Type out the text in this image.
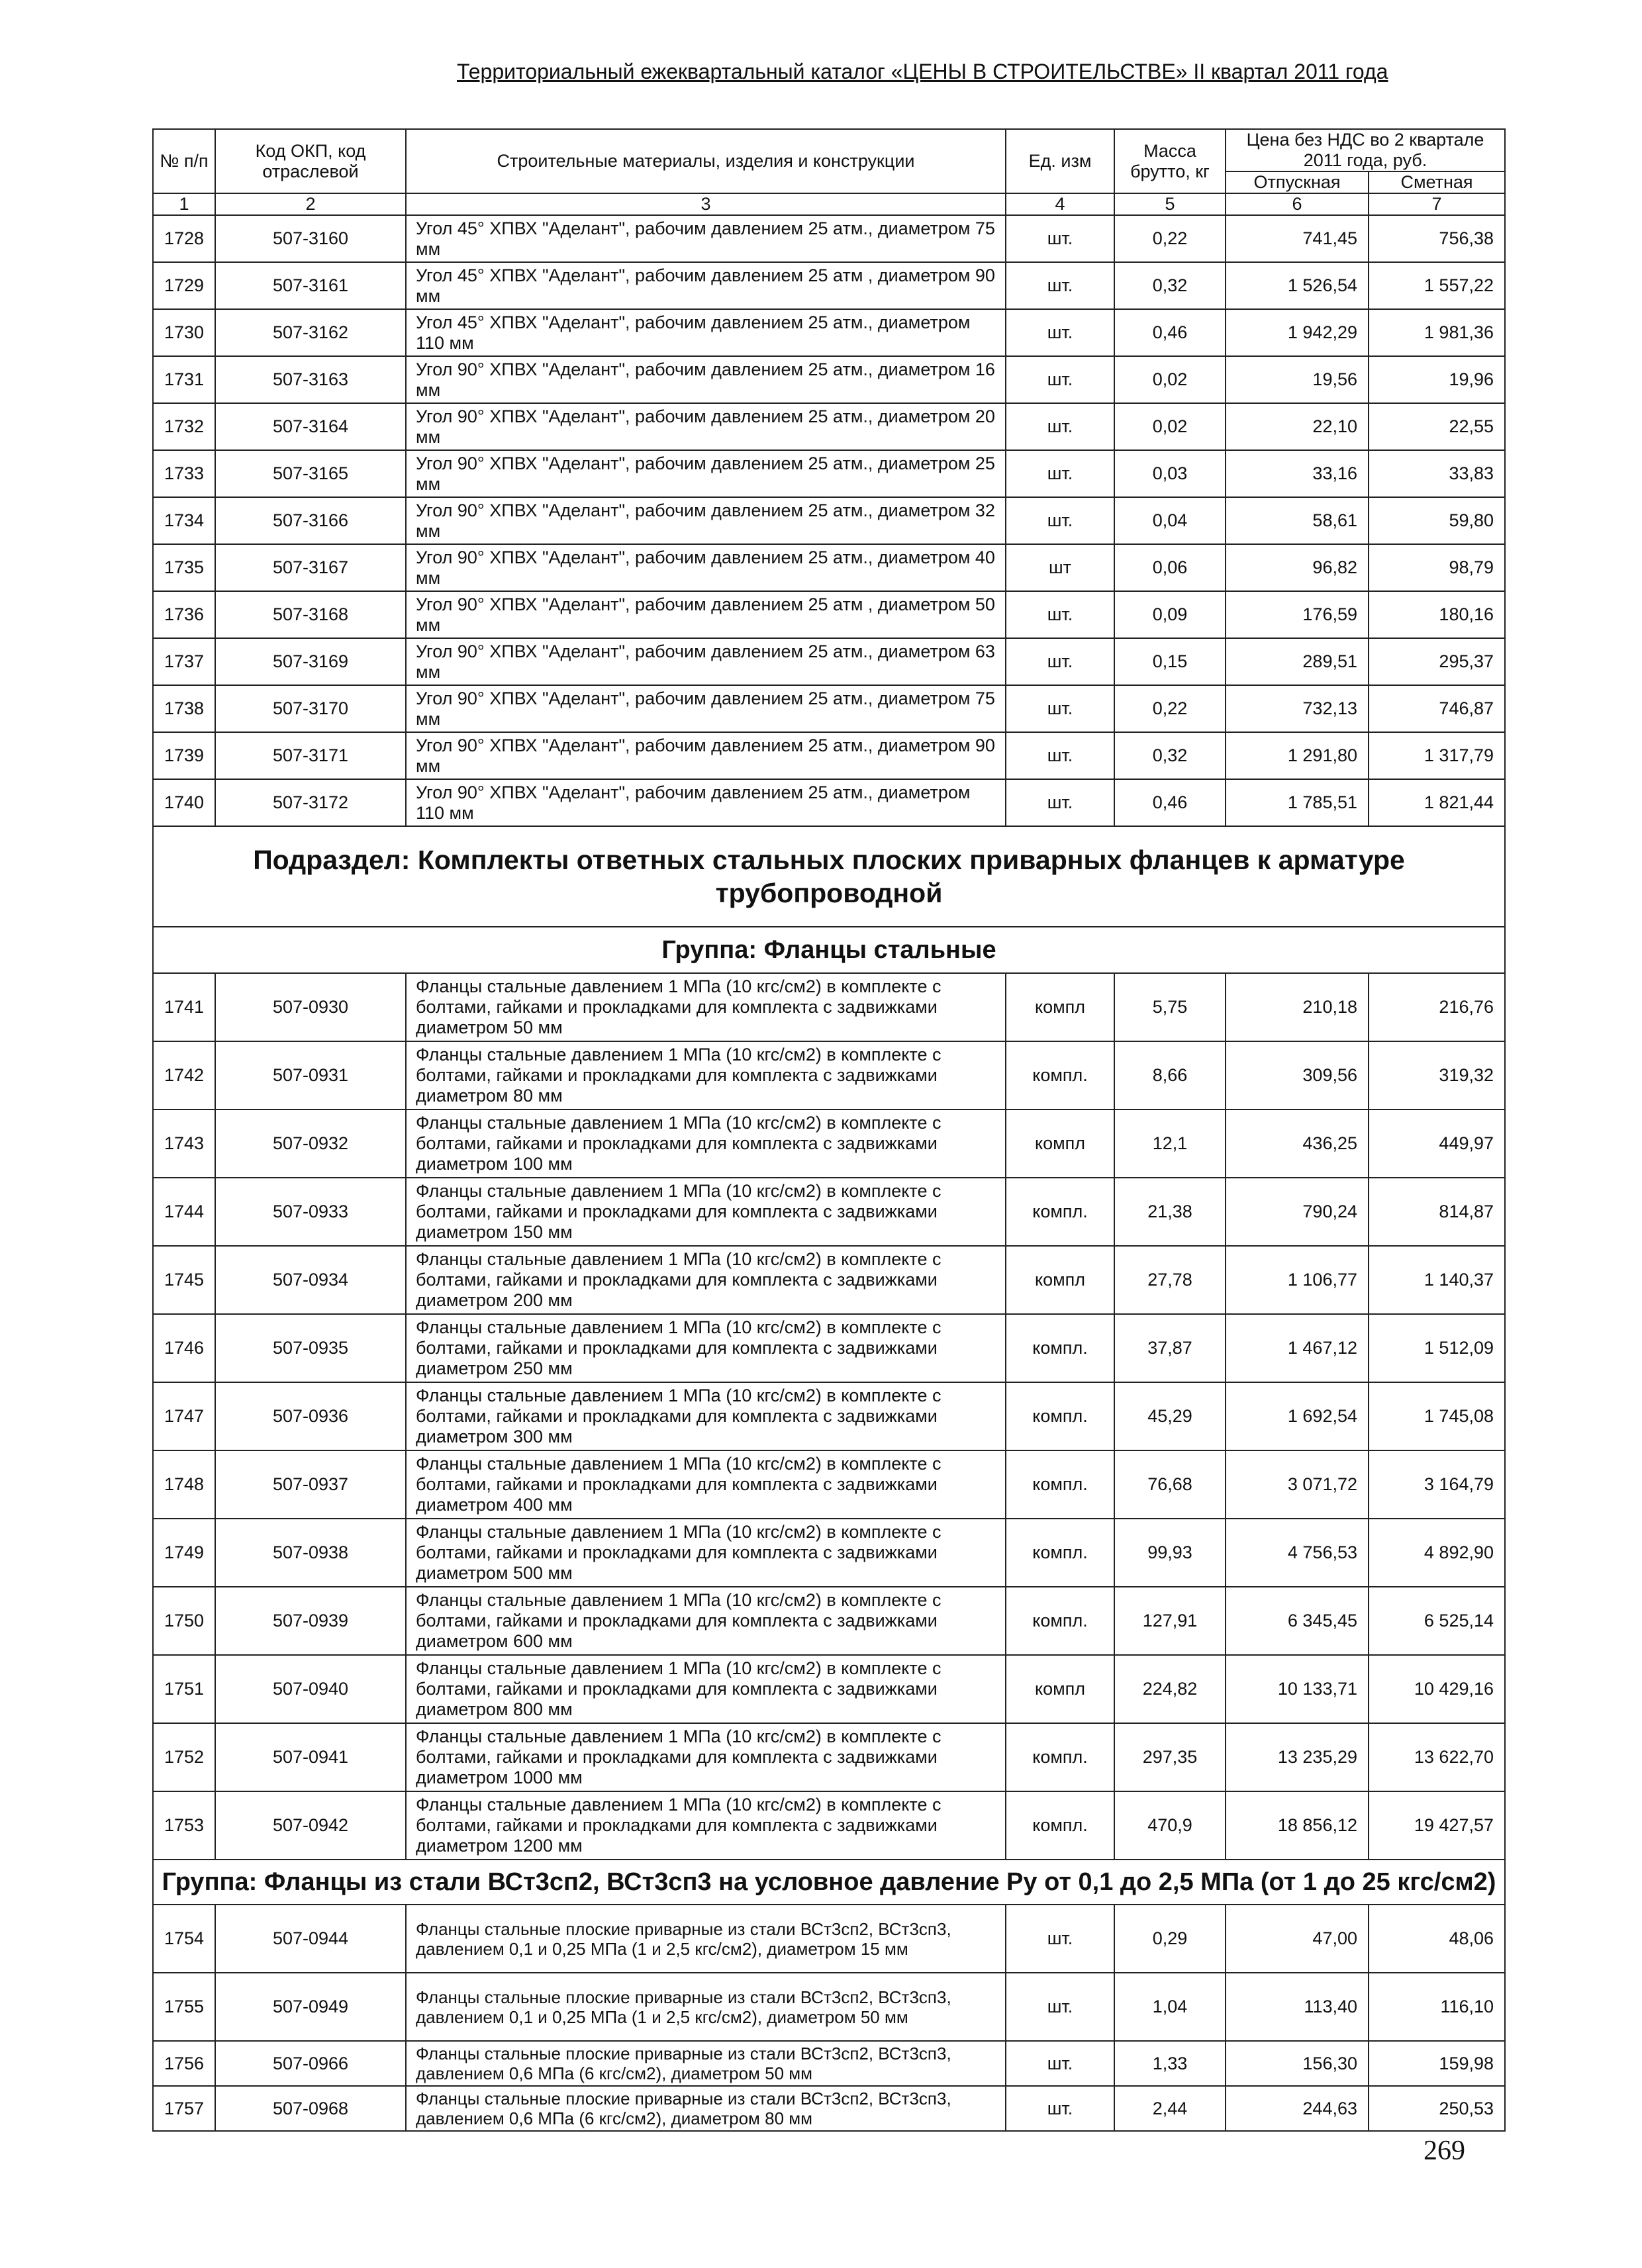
Территориальный ежеквартальный каталог «ЦЕНЫ В СТРОИТЕЛЬСТВЕ» II квартал 2011 года
№ п/п	Код ОКП, код отраслевой	Строительные материалы, изделия и конструкции	Ед. изм	Масса брутто, кг	Цена без НДС во 2 квартале 2011 года, руб.	
					Отпускная	Сметная
1	2	3	4	5	6	7
1728	507-3160	Угол 45° ХПВХ "Аделант", рабочим давлением 25 атм., диаметром 75 мм	шт.	0,22	741,45	756,38
1729	507-3161	Угол 45° ХПВХ "Аделант", рабочим давлением 25 атм , диаметром 90 мм	шт.	0,32	1 526,54	1 557,22
1730	507-3162	Угол 45° ХПВХ "Аделант", рабочим давлением 25 атм., диаметром 110 мм	шт.	0,46	1 942,29	1 981,36
1731	507-3163	Угол 90° ХПВХ "Аделант", рабочим давлением 25 атм., диаметром 16 мм	шт.	0,02	19,56	19,96
1732	507-3164	Угол 90° ХПВХ "Аделант", рабочим давлением 25 атм., диаметром 20 мм	шт.	0,02	22,10	22,55
1733	507-3165	Угол 90° ХПВХ "Аделант", рабочим давлением 25 атм., диаметром 25 мм	шт.	0,03	33,16	33,83
1734	507-3166	Угол 90° ХПВХ "Аделант", рабочим давлением 25 атм., диаметром 32 мм	шт.	0,04	58,61	59,80
1735	507-3167	Угол 90° ХПВХ "Аделант", рабочим давлением 25 атм., диаметром 40 мм	шт	0,06	96,82	98,79
1736	507-3168	Угол 90° ХПВХ "Аделант", рабочим давлением 25 атм , диаметром 50 мм	шт.	0,09	176,59	180,16
1737	507-3169	Угол 90° ХПВХ "Аделант", рабочим давлением 25 атм., диаметром 63 мм	шт.	0,15	289,51	295,37
1738	507-3170	Угол 90° ХПВХ "Аделант", рабочим давлением 25 атм., диаметром 75 мм	шт.	0,22	732,13	746,87
1739	507-3171	Угол 90° ХПВХ "Аделант", рабочим давлением 25 атм., диаметром 90 мм	шт.	0,32	1 291,80	1 317,79
1740	507-3172	Угол 90° ХПВХ "Аделант", рабочим давлением 25 атм., диаметром 110 мм	шт.	0,46	1 785,51	1 821,44
Подраздел: Комплекты ответных стальных плоских приварных фланцев к арматуре трубопроводной						
Группа: Фланцы стальные						
1741	507-0930	Фланцы стальные давлением 1 МПа (10 кгс/см2) в комплекте с болтами, гайками и прокладками для комплекта с задвижками диаметром 50 мм	компл	5,75	210,18	216,76
1742	507-0931	Фланцы стальные давлением 1 МПа (10 кгс/см2) в комплекте с болтами, гайками и прокладками для комплекта с задвижками диаметром 80 мм	компл.	8,66	309,56	319,32
1743	507-0932	Фланцы стальные давлением 1 МПа (10 кгс/см2) в комплекте с болтами, гайками и прокладками для комплекта с задвижками диаметром 100 мм	компл	12,1	436,25	449,97
1744	507-0933	Фланцы стальные давлением 1 МПа (10 кгс/см2) в комплекте с болтами, гайками и прокладками для комплекта с задвижками диаметром 150 мм	компл.	21,38	790,24	814,87
1745	507-0934	Фланцы стальные давлением 1 МПа (10 кгс/см2) в комплекте с болтами, гайками и прокладками для комплекта с задвижками диаметром 200 мм	компл	27,78	1 106,77	1 140,37
1746	507-0935	Фланцы стальные давлением 1 МПа (10 кгс/см2) в комплекте с болтами, гайками и прокладками для комплекта с задвижками диаметром 250 мм	компл.	37,87	1 467,12	1 512,09
1747	507-0936	Фланцы стальные давлением 1 МПа (10 кгс/см2) в комплекте с болтами, гайками и прокладками для комплекта с задвижками диаметром 300 мм	компл.	45,29	1 692,54	1 745,08
1748	507-0937	Фланцы стальные давлением 1 МПа (10 кгс/см2) в комплекте с болтами, гайками и прокладками для комплекта с задвижками диаметром 400 мм	компл.	76,68	3 071,72	3 164,79
1749	507-0938	Фланцы стальные давлением 1 МПа (10 кгс/см2) в комплекте с болтами, гайками и прокладками для комплекта с задвижками диаметром 500 мм	компл.	99,93	4 756,53	4 892,90
1750	507-0939	Фланцы стальные давлением 1 МПа (10 кгс/см2) в комплекте с болтами, гайками и прокладками для комплекта с задвижками диаметром 600 мм	компл.	127,91	6 345,45	6 525,14
1751	507-0940	Фланцы стальные давлением 1 МПа (10 кгс/см2) в комплекте с болтами, гайками и прокладками для комплекта с задвижками диаметром 800 мм	компл	224,82	10 133,71	10 429,16
1752	507-0941	Фланцы стальные давлением 1 МПа (10 кгс/см2) в комплекте с болтами, гайками и прокладками для комплекта с задвижками диаметром 1000 мм	компл.	297,35	13 235,29	13 622,70
1753	507-0942	Фланцы стальные давлением 1 МПа (10 кгс/см2) в комплекте с болтами, гайками и прокладками для комплекта с задвижками диаметром 1200 мм	компл.	470,9	18 856,12	19 427,57
Группа: Фланцы из стали ВСт3сп2, ВСт3сп3 на условное давление Ру от 0,1 до 2,5 МПа (от 1 до 25 кгс/см2)						
1754	507-0944	Фланцы стальные плоские приварные из стали ВСт3сп2, ВСт3сп3, давлением 0,1 и 0,25 МПа (1 и 2,5 кгс/см2), диаметром 15 мм	шт.	0,29	47,00	48,06
1755	507-0949	Фланцы стальные плоские приварные из стали ВСт3сп2, ВСт3сп3, давлением 0,1 и 0,25 МПа (1 и 2,5 кгс/см2), диаметром 50 мм	шт.	1,04	113,40	116,10
1756	507-0966	Фланцы стальные плоские приварные из стали ВСт3сп2, ВСт3сп3, давлением 0,6 МПа (6 кгс/см2), диаметром 50 мм	шт.	1,33	156,30	159,98
1757	507-0968	Фланцы стальные плоские приварные из стали ВСт3сп2, ВСт3сп3, давлением 0,6 МПа (6 кгс/см2), диаметром 80 мм	шт.	2,44	244,63	250,53
269
